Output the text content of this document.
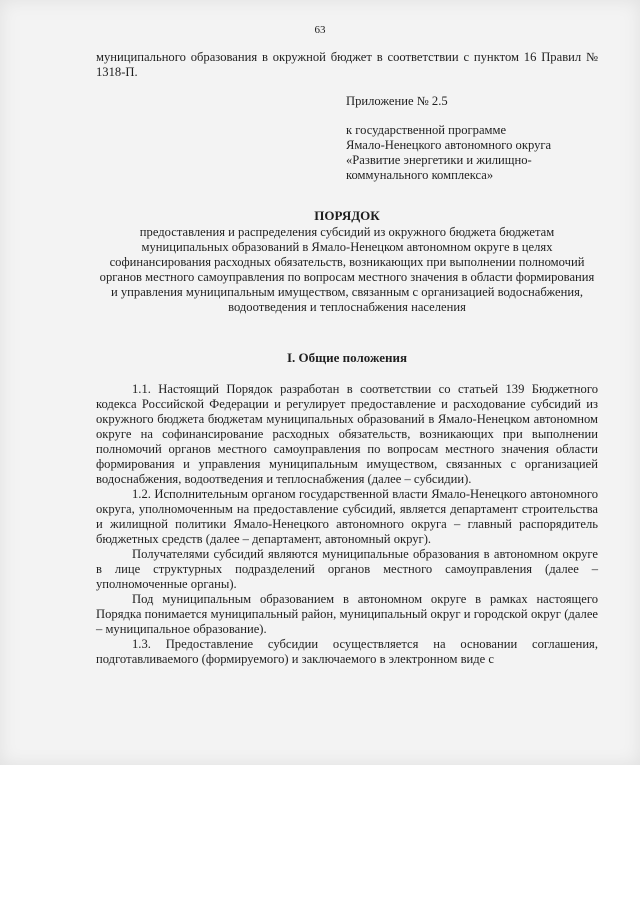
63
муниципального образования в окружной бюджет в соответствии с пунктом 16 Правил № 1318-П.
Приложение № 2.5
к государственной программе
Ямало-Ненецкого автономного округа
«Развитие энергетики и жилищно-
коммунального комплекса»
ПОРЯДОК
предоставления и распределения субсидий из окружного бюджета бюджетам муниципальных образований в Ямало-Ненецком автономном округе в целях софинансирования расходных обязательств, возникающих при выполнении полномочий органов местного самоуправления по вопросам местного значения в области формирования и управления муниципальным имуществом, связанным с организацией водоснабжения, водоотведения и теплоснабжения населения
I. Общие положения

1.1. Настоящий Порядок разработан в соответствии со статьей 139 Бюджетного кодекса Российской Федерации и регулирует предоставление и расходование субсидий из окружного бюджета бюджетам муниципальных образований в Ямало-Ненецком автономном округе на софинансирование расходных обязательств, возникающих при выполнении полномочий органов местного самоуправления по вопросам местного значения области формирования и управления муниципальным имуществом, связанных с организацией водоснабжения, водоотведения и теплоснабжения (далее – субсидии).

1.2. Исполнительным органом государственной власти Ямало-Ненецкого автономного округа, уполномоченным на предоставление субсидий, является департамент строительства и жилищной политики Ямало-Ненецкого автономного округа – главный распорядитель бюджетных средств (далее – департамент, автономный округ).

Получателями субсидий являются муниципальные образования в автономном округе в лице структурных подразделений органов местного самоуправления (далее – уполномоченные органы).

Под муниципальным образованием в автономном округе в рамках настоящего Порядка понимается муниципальный район, муниципальный округ и городской округ (далее – муниципальное образование).

1.3. Предоставление субсидии осуществляется на основании соглашения, подготавливаемого (формируемого) и заключаемого в электронном виде с
